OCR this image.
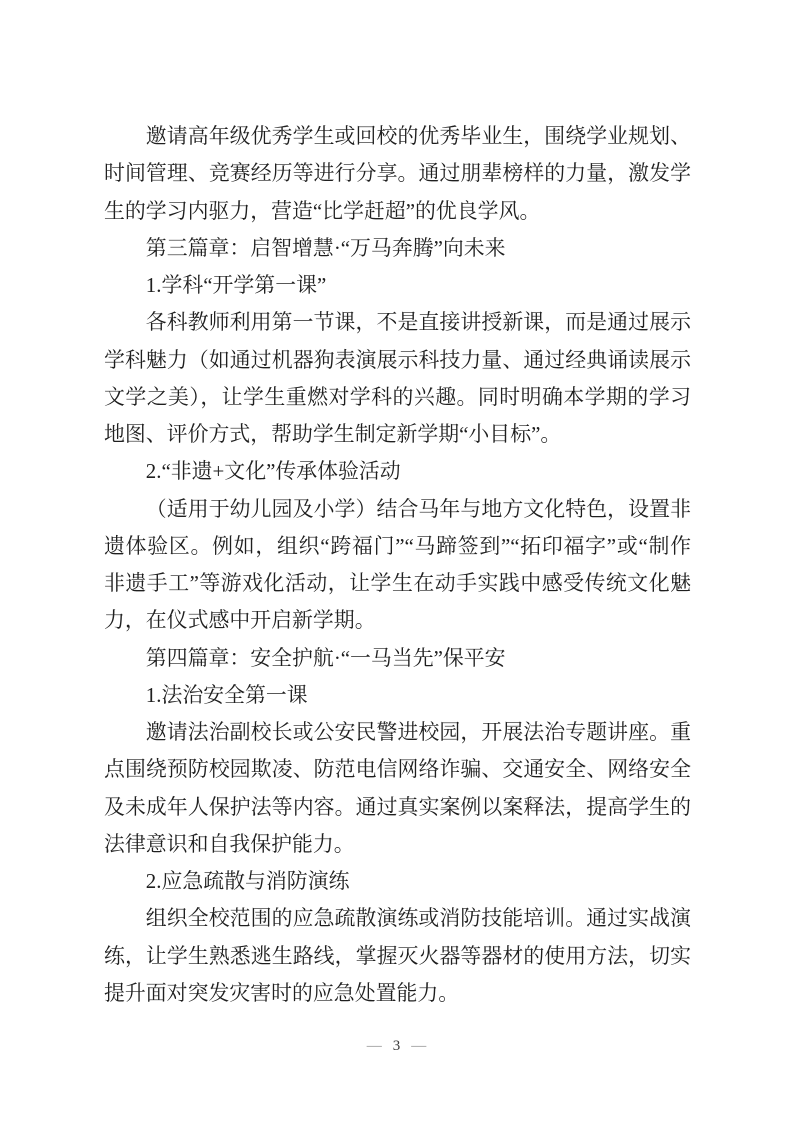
邀请高年级优秀学生或回校的优秀毕业生，围绕学业规划、时间管理、竞赛经历等进行分享。通过朋辈榜样的力量，激发学生的学习内驱力，营造“比学赶超”的优良学风。

第三篇章：启智增慧·“万马奔腾”向未来

1.学科“开学第一课”

各科教师利用第一节课，不是直接讲授新课，而是通过展示学科魅力（如通过机器狗表演展示科技力量、通过经典诵读展示文学之美），让学生重燃对学科的兴趣。同时明确本学期的学习地图、评价方式，帮助学生制定新学期“小目标”。

2.“非遗+文化”传承体验活动

（适用于幼儿园及小学）结合马年与地方文化特色，设置非遗体验区。例如，组织“跨福门”“马蹄签到”“拓印福字”或“制作非遗手工”等游戏化活动，让学生在动手实践中感受传统文化魅力，在仪式感中开启新学期。

第四篇章：安全护航·“一马当先”保平安

1.法治安全第一课

邀请法治副校长或公安民警进校园，开展法治专题讲座。重点围绕预防校园欺凌、防范电信网络诈骗、交通安全、网络安全及未成年人保护法等内容。通过真实案例以案释法，提高学生的法律意识和自我保护能力。

2.应急疏散与消防演练

组织全校范围的应急疏散演练或消防技能培训。通过实战演练，让学生熟悉逃生路线，掌握灭火器等器材的使用方法，切实提升面对突发灾害时的应急处置能力。

— 3 —
